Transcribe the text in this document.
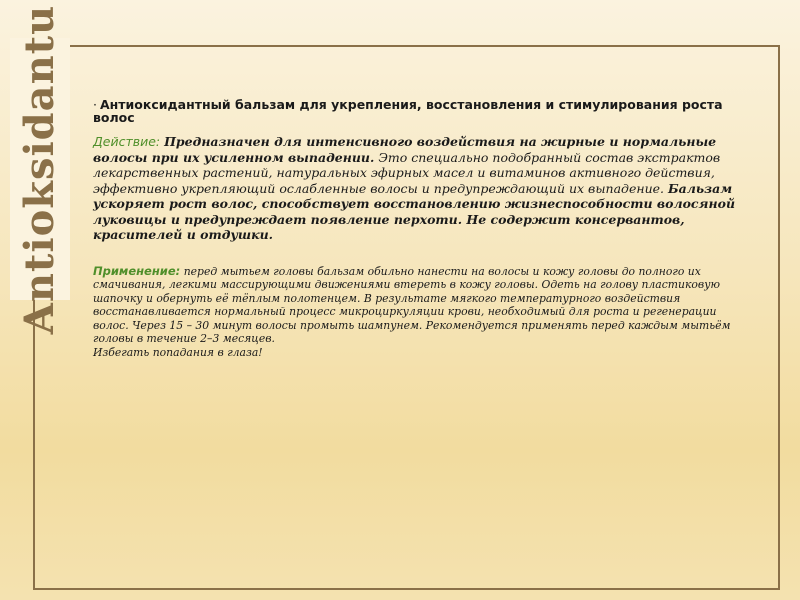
Antioksidantu · Антиоксидантный бальзам для укрепления, восстановления и стимулирования роста волос

Действие: Предназначен для интенсивного воздействия на жирные и нормальные волосы при их усиленном выпадении. Это специально подобранный состав экстрактов лекарственных растений, натуральных эфирных масел и витаминов активного действия, эффективно укрепляющий ослабленные волосы и предупреждающий их выпадение. Бальзам ускоряет рост волос, способствует восстановлению жизнеспособности волосяной луковицы и предупреждает появление перхоти. Не содержит консервантов, красителей и отдушки.

Применение: перед мытьем головы бальзам обильно нанести на волосы и кожу головы до полного их смачивания, легкими массирующими движениями втереть в кожу головы. Одеть на голову пластиковую шапочку и обернуть её тёплым полотенцем. В результате мягкого температурного воздействия восстанавливается нормальный процесс микроциркуляции крови, необходимый для роста и регенерации волос. Через 15 – 30 минут волосы промыть шампунем. Рекомендуется применять перед каждым мытьём головы в течение 2–3 месяцев.
Избегать попадания в глаза!
